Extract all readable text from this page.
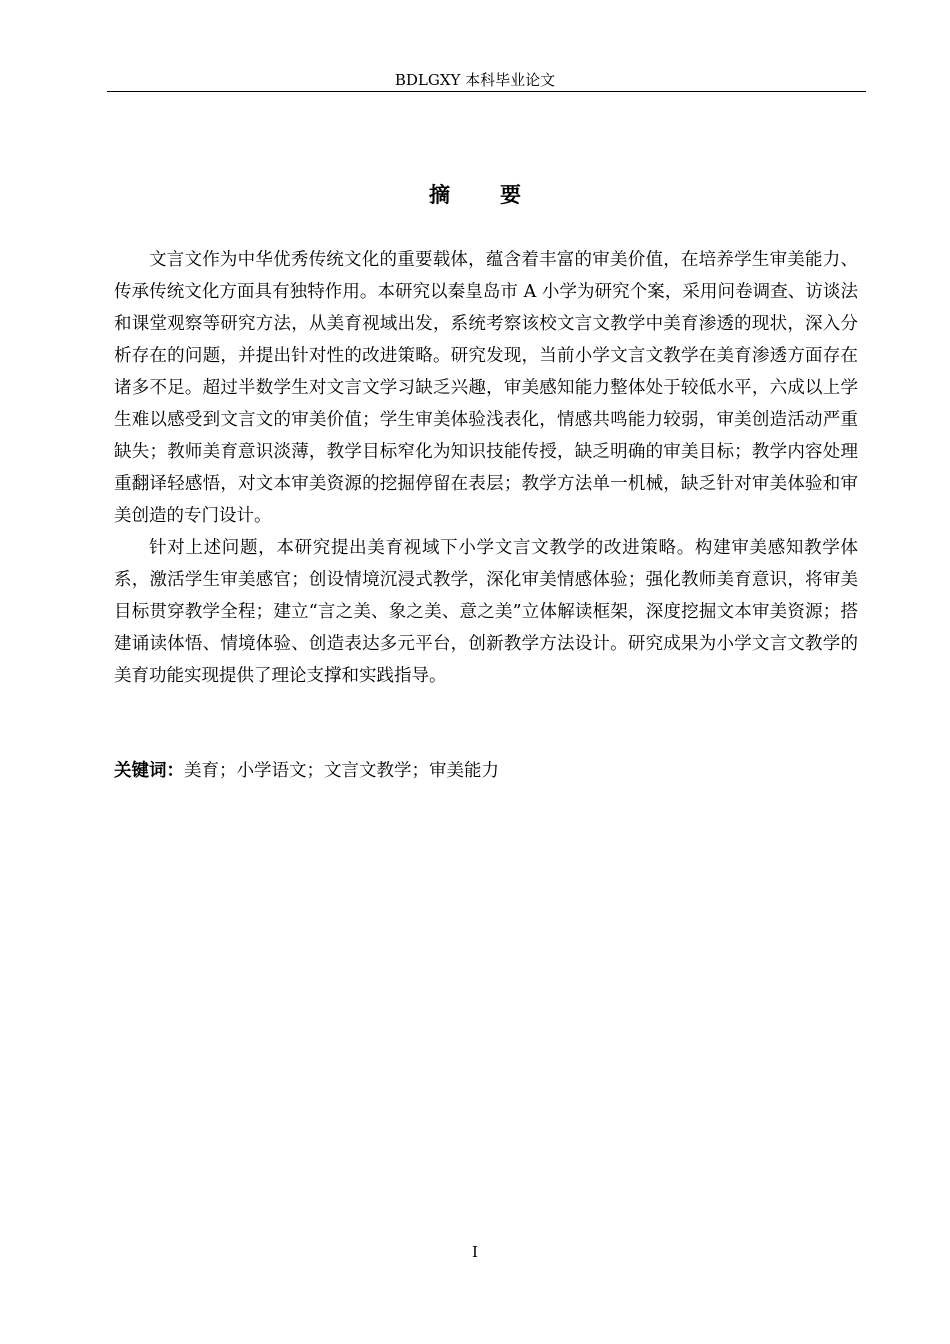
BDLGXY 本科毕业论文
摘要

文言文作为中华优秀传统文化的重要载体，蕴含着丰富的审美价值，在培养学生审美能力、传承传统文化方面具有独特作用。本研究以秦皇岛市 A 小学为研究个案，采用问卷调查、访谈法和课堂观察等研究方法，从美育视域出发，系统考察该校文言文教学中美育渗透的现状，深入分析存在的问题，并提出针对性的改进策略。研究发现，当前小学文言文教学在美育渗透方面存在诸多不足。超过半数学生对文言文学习缺乏兴趣，审美感知能力整体处于较低水平，六成以上学生难以感受到文言文的审美价值；学生审美体验浅表化，情感共鸣能力较弱，审美创造活动严重缺失；教师美育意识淡薄，教学目标窄化为知识技能传授，缺乏明确的审美目标；教学内容处理重翻译轻感悟，对文本审美资源的挖掘停留在表层；教学方法单一机械，缺乏针对审美体验和审美创造的专门设计。

针对上述问题，本研究提出美育视域下小学文言文教学的改进策略。构建审美感知教学体系，激活学生审美感官；创设情境沉浸式教学，深化审美情感体验；强化教师美育意识，将审美目标贯穿教学全程；建立“言之美、象之美、意之美”立体解读框架，深度挖掘文本审美资源；搭建诵读体悟、情境体验、创造表达多元平台，创新教学方法设计。研究成果为小学文言文教学的美育功能实现提供了理论支撑和实践指导。

关键词：美育；小学语文；文言文教学；审美能力
I
